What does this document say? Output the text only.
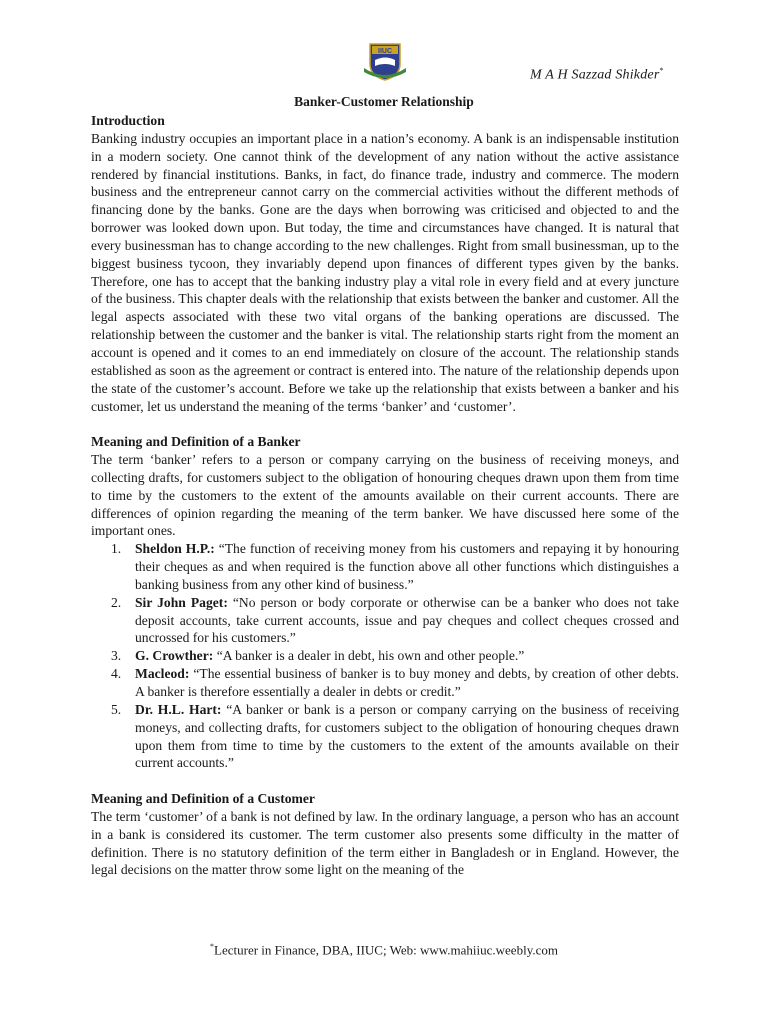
IIUC
M A H Sazzad Shikder*
Banker-Customer Relationship
Introduction

Banking industry occupies an important place in a nation’s economy. A bank is an indispensable institution in a modern society. One cannot think of the development of any nation without the active assistance rendered by financial institutions. Banks, in fact, do finance trade, industry and commerce. The modern business and the entrepreneur cannot carry on the commercial activities without the different methods of financing done by the banks. Gone are the days when borrowing was criticised and objected to and the borrower was looked down upon. But today, the time and circumstances have changed. It is natural that every businessman has to change according to the new challenges. Right from small businessman, up to the biggest business tycoon, they invariably depend upon finances of different types given by the banks. Therefore, one has to accept that the banking industry play a vital role in every field and at every juncture of the business. This chapter deals with the relationship that exists between the banker and customer. All the legal aspects associated with these two vital organs of the banking operations are discussed. The relationship between the customer and the banker is vital. The relationship starts right from the moment an account is opened and it comes to an end immediately on closure of the account. The relationship stands established as soon as the agreement or contract is entered into. The nature of the relationship depends upon the state of the customer’s account. Before we take up the relationship that exists between a banker and his customer, let us understand the meaning of the terms ‘banker’ and ‘customer’.

Meaning and Definition of a Banker

The term ‘banker’ refers to a person or company carrying on the business of receiving moneys, and collecting drafts, for customers subject to the obligation of honouring cheques drawn upon them from time to time by the customers to the extent of the amounts available on their current accounts. There are differences of opinion regarding the meaning of the term banker. We have discussed here some of the important ones.

1. Sheldon H.P.: “The function of receiving money from his customers and repaying it by honouring their cheques as and when required is the function above all other functions which distinguishes a banking business from any other kind of business.”
2. Sir John Paget: “No person or body corporate or otherwise can be a banker who does not take deposit accounts, take current accounts, issue and pay cheques and collect cheques crossed and uncrossed for his customers.”
3. G. Crowther: “A banker is a dealer in debt, his own and other people.”
4. Macleod: “The essential business of banker is to buy money and debts, by creation of other debts. A banker is therefore essentially a dealer in debts or credit.”
5. Dr. H.L. Hart: “A banker or bank is a person or company carrying on the business of receiving moneys, and collecting drafts, for customers subject to the obligation of honouring cheques drawn upon them from time to time by the customers to the extent of the amounts available on their current accounts.”
Meaning and Definition of a Customer

The term ‘customer’ of a bank is not defined by law. In the ordinary language, a person who has an account in a bank is considered its customer. The term customer also presents some difficulty in the matter of definition. There is no statutory definition of the term either in Bangladesh or in England. However, the legal decisions on the matter throw some light on the meaning of the

*Lecturer in Finance, DBA, IIUC; Web: www.mahiiuc.weebly.com
